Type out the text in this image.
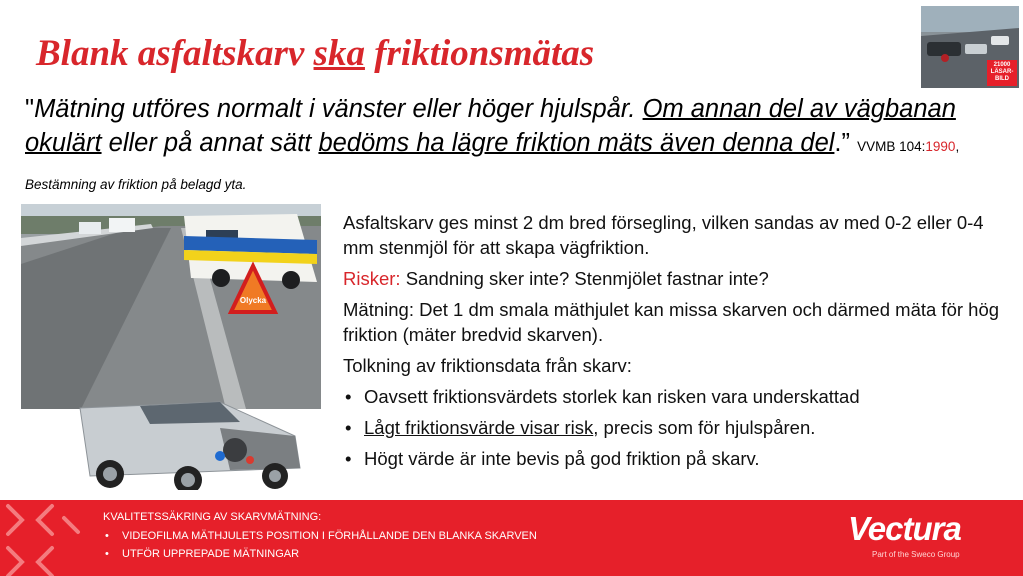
Blank asfaltskarv ska friktionsmätas	21000
LÄSAR-
BILD
"Mätning utföres normalt i vänster eller höger hjulspår. Om annan del av vägbanan okulärt eller på annat sätt bedöms ha lägre friktion mäts även denna del.” VVMB 104:1990, Bestämning av friktion på belagd yta.
Olycka

Asfaltskarv ges minst 2 dm bred försegling, vilken sandas av med 0-2 eller 0-4 mm stenmjöl för att skapa vägfriktion.

Risker: Sandning sker inte? Stenmjölet fastnar inte?

Mätning: Det 1 dm smala mäthjulet kan missa skarven och därmed mäta för hög friktion (mäter bredvid skarven).

Tolkning av friktionsdata från skarv:

• Oavsett friktionsvärdets storlek kan risken vara underskattad
• Lågt friktionsvärde visar risk, precis som för hjulspåren.
• Högt värde är inte bevis på god friktion på skarv.
KVALITETSSÄKRING AV SKARVMÄTNING:
• VIDEOFILMA MÄTHJULETS POSITION I FÖRHÅLLANDE DEN BLANKA SKARVEN
• UTFÖR UPPREPADE MÄTNINGAR
Vectura
Part of the Sweco Group
